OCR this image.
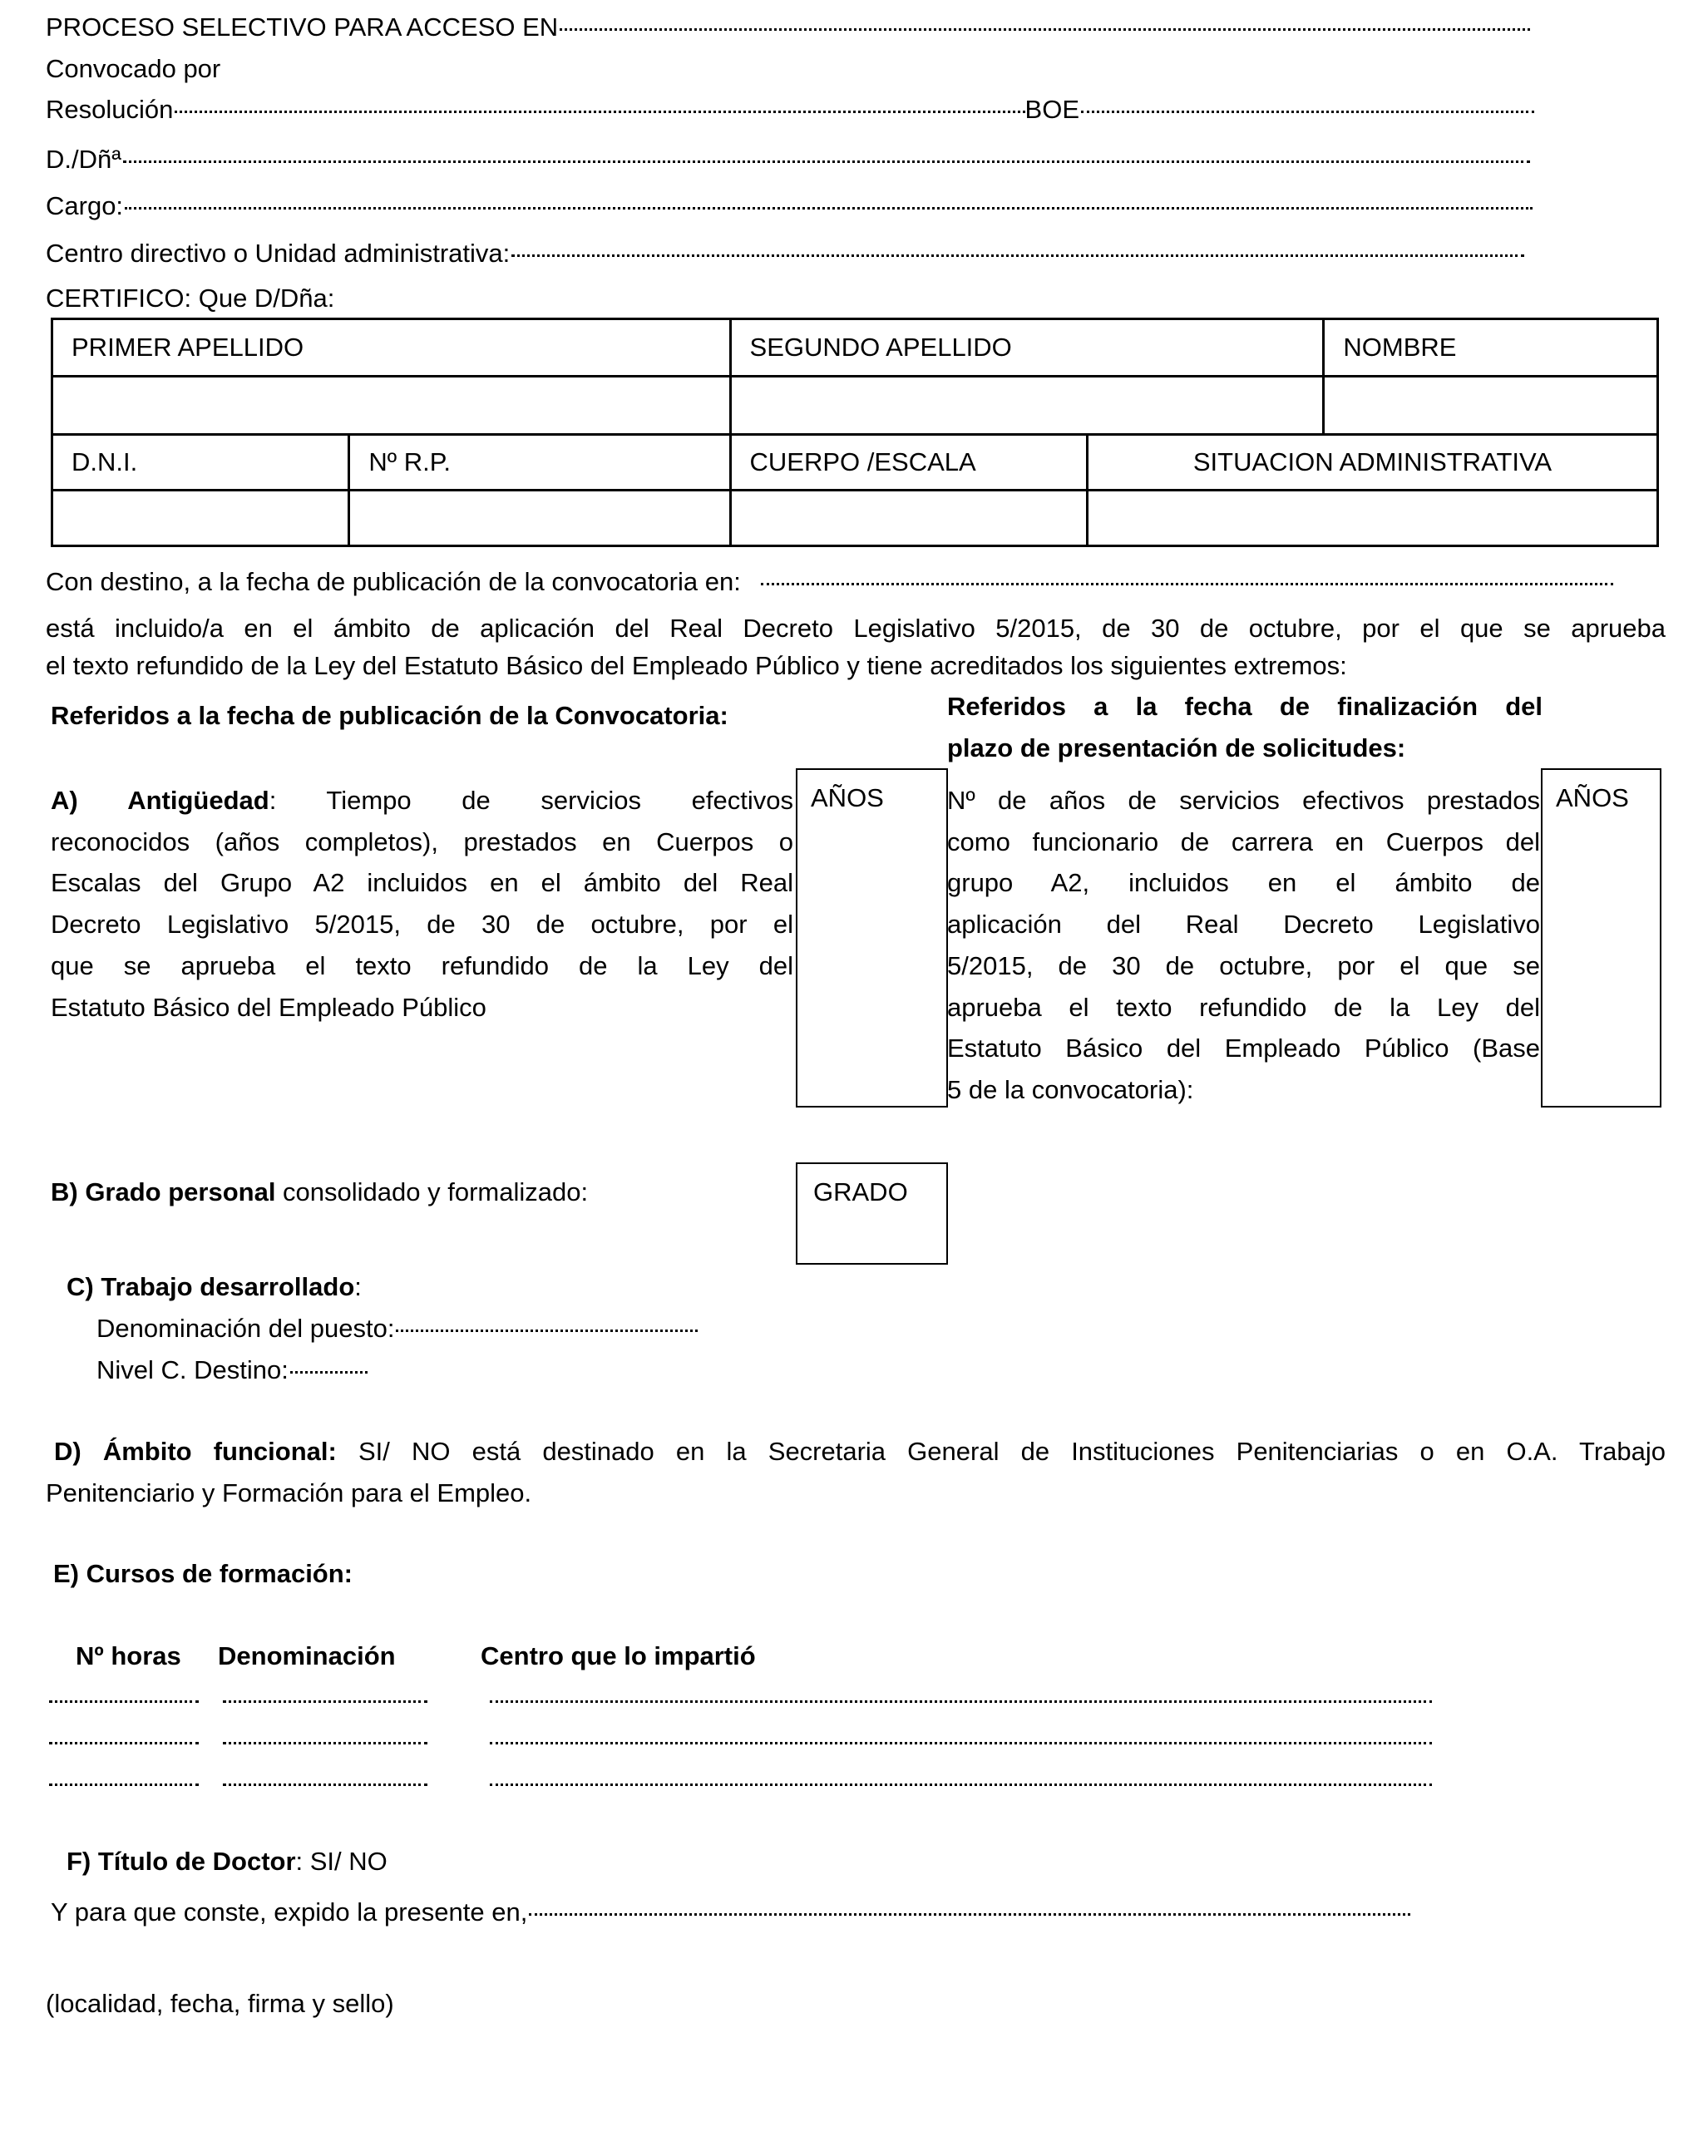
PROCESO SELECTIVO PARA ACCESO EN
Convocado por
Resolución	BOE
D./Dñª
Cargo:
Centro directivo o Unidad administrativa:
CERTIFICO: Que D/Dña:
PRIMER APELLIDO		SEGUNDO APELLIDO		NOMBRE

D.N.I.	Nº R.P.	CUERPO /ESCALA	SITUACION ADMINISTRATIVA	

Con destino, a la fecha de publicación de la convocatoria en:
está incluido/a en el ámbito de aplicación del Real Decreto Legislativo 5/2015, de 30 de octubre, por el que se aprueba
el texto refundido de la Ley del Estatuto Básico del Empleado Público y tiene acreditados los siguientes extremos:
Referidos a la fecha de publicación de la Convocatoria:	Referidos a la fecha de finalización del
plazo de presentación de solicitudes:
A) Antigüedad: Tiempo de servicios efectivos
reconocidos (años completos), prestados en Cuerpos o
Escalas del Grupo A2 incluidos en el ámbito del Real
Decreto Legislativo 5/2015, de 30 de octubre, por el
que se aprueba el texto refundido de la Ley del
Estatuto Básico del Empleado Público
AÑOS Nº de años de servicios efectivos prestados
como funcionario de carrera en Cuerpos del
grupo A2, incluidos en el ámbito de
aplicación del Real Decreto Legislativo
5/2015, de 30 de octubre, por el que se
aprueba el texto refundido de la Ley del
Estatuto Básico del Empleado Público (Base
5 de la convocatoria):
AÑOS
B) Grado personal consolidado y formalizado:	GRADO
C) Trabajo desarrollado:
Denominación del puesto:
Nivel C. Destino:
D) Ámbito funcional: SI/ NO está destinado en la Secretaria General de Instituciones Penitenciarias o en O.A. Trabajo
Penitenciario y Formación para el Empleo.
E) Cursos de formación:
Nº horas Denominación	Centro que lo impartió
F) Título de Doctor: SI/ NO
Y para que conste, expido la presente en,
(localidad, fecha, firma y sello)
